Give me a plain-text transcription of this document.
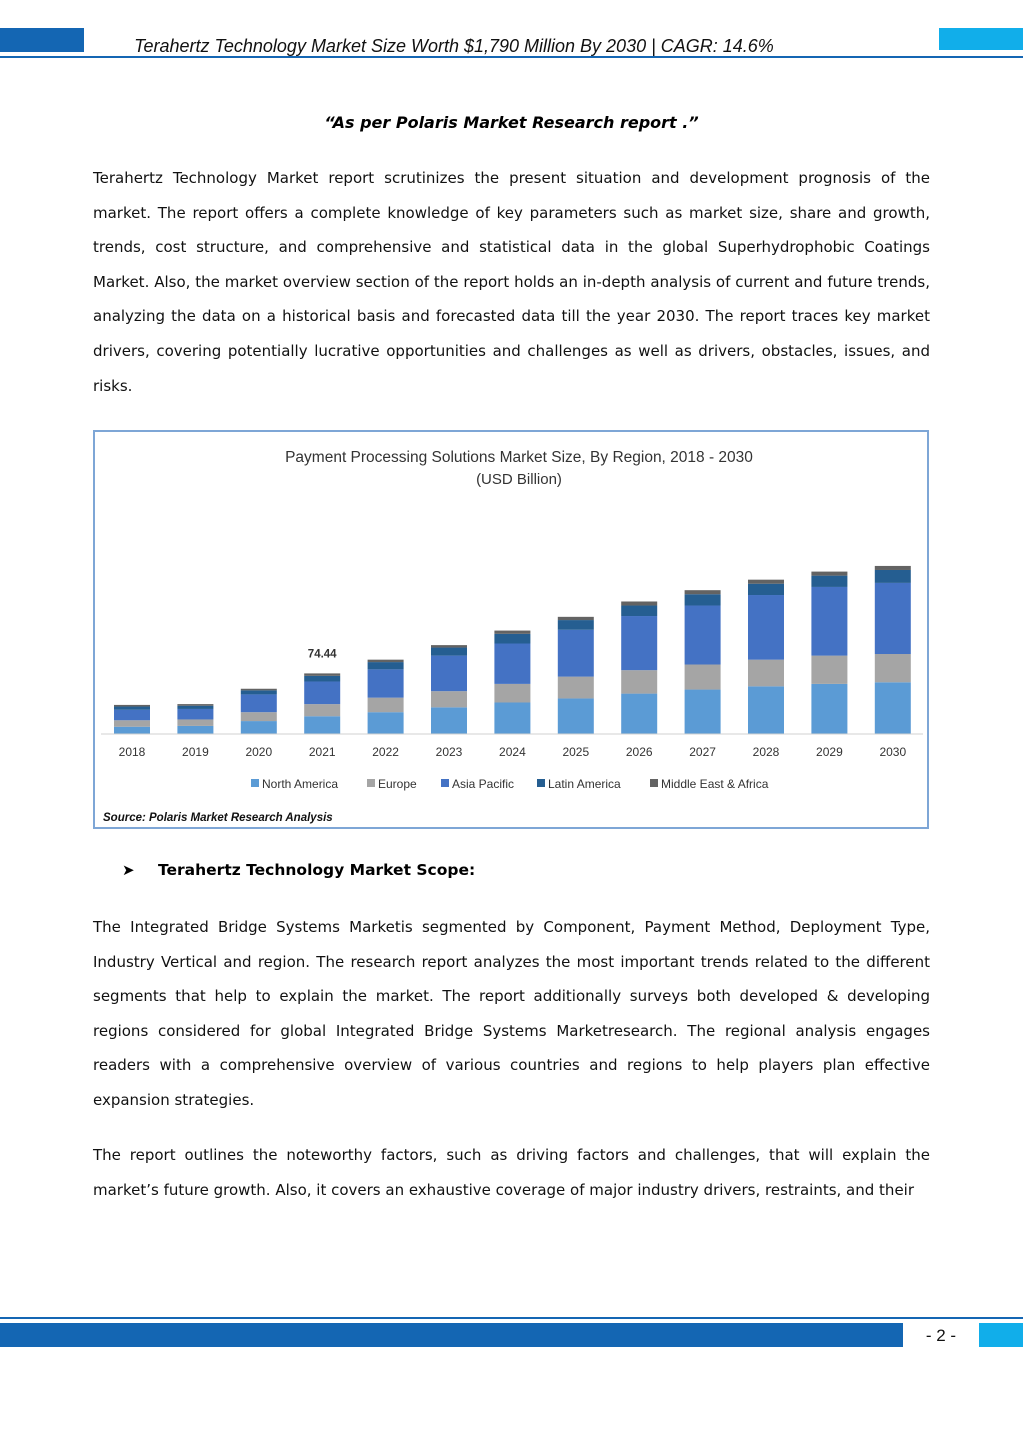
Terahertz Technology Market Size Worth $1,790 Million By 2030 | CAGR: 14.6%
“As per Polaris Market Research report .”

Terahertz Technology Market report scrutinizes the present situation and development prognosis of the market. The report offers a complete knowledge of key parameters such as market size, share and growth, trends, cost structure, and comprehensive and statistical data in the global Superhydrophobic Coatings Market. Also, the market overview section of the report holds an in-depth analysis of current and future trends, analyzing the data on a historical basis and forecasted data till the year 2030. The report traces key market drivers, covering potentially lucrative opportunities and challenges as well as drivers, obstacles, issues, and risks.

Payment Processing Solutions Market Size, By Region, 2018 - 2030
(USD Billion)
2018	2019	2020	2021	2022	2023	2024	2025	2026	2027	2028	2029	2030
74.44
North America	Europe	Asia Pacific	Latin America	Middle East & Africa
Source: Polaris Market Research Analysis
➤ Terahertz Technology Market Scope:

The Integrated Bridge Systems Marketis segmented by Component, Payment Method, Deployment Type, Industry Vertical and region. The research report analyzes the most important trends related to the different segments that help to explain the market. The report additionally surveys both developed & developing regions considered for global Integrated Bridge Systems Marketresearch. The regional analysis engages readers with a comprehensive overview of various countries and regions to help players plan effective expansion strategies.

The report outlines the noteworthy factors, such as driving factors and challenges, that will explain the market’s future growth. Also, it covers an exhaustive coverage of major industry drivers, restraints, and their

- 2 -
